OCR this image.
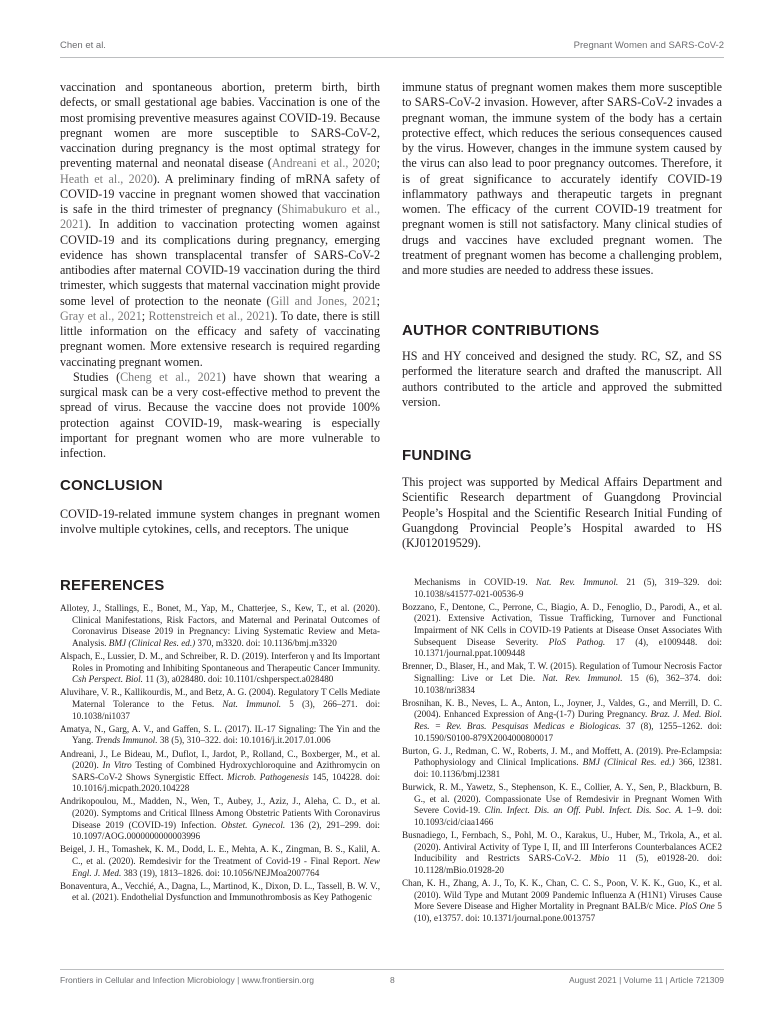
Chen et al.	Pregnant Women and SARS-CoV-2

vaccination and spontaneous abortion, preterm birth, birth defects, or small gestational age babies. Vaccination is one of the most promising preventive measures against COVID-19. Because pregnant women are more susceptible to SARS-CoV-2, vaccination during pregnancy is the most optimal strategy for preventing maternal and neonatal disease (Andreani et al., 2020; Heath et al., 2020). A preliminary finding of mRNA safety of COVID-19 vaccine in pregnant women showed that vaccination is safe in the third trimester of pregnancy (Shimabukuro et al., 2021). In addition to vaccination protecting women against COVID-19 and its complications during pregnancy, emerging evidence has shown transplacental transfer of SARS-CoV-2 antibodies after maternal COVID-19 vaccination during the third trimester, which suggests that maternal vaccination might provide some level of protection to the neonate (Gill and Jones, 2021; Gray et al., 2021; Rottenstreich et al., 2021). To date, there is still little information on the efficacy and safety of vaccinating pregnant women. More extensive research is required regarding vaccinating pregnant women.

Studies (Cheng et al., 2021) have shown that wearing a surgical mask can be a very cost-effective method to prevent the spread of virus. Because the vaccine does not provide 100% protection against COVID-19, mask-wearing is especially important for pregnant women who are more vulnerable to infection.

CONCLUSION

COVID-19-related immune system changes in pregnant women involve multiple cytokines, cells, and receptors. The unique

immune status of pregnant women makes them more susceptible to SARS-CoV-2 invasion. However, after SARS-CoV-2 invades a pregnant woman, the immune system of the body has a certain protective effect, which reduces the serious consequences caused by the virus. However, changes in the immune system caused by the virus can also lead to poor pregnancy outcomes. Therefore, it is of great significance to accurately identify COVID-19 inflammatory pathways and therapeutic targets in pregnant women. The efficacy of the current COVID-19 treatment for pregnant women is still not satisfactory. Many clinical studies of drugs and vaccines have excluded pregnant women. The treatment of pregnant women has become a challenging problem, and more studies are needed to address these issues.

AUTHOR CONTRIBUTIONS

HS and HY conceived and designed the study. RC, SZ, and SS performed the literature search and drafted the manuscript. All authors contributed to the article and approved the submitted version.

FUNDING

This project was supported by Medical Affairs Department and Scientific Research department of Guangdong Provincial People’s Hospital and the Scientific Research Initial Funding of Guangdong Provincial People’s Hospital awarded to HS (KJ012019529).

REFERENCES

Allotey, J., Stallings, E., Bonet, M., Yap, M., Chatterjee, S., Kew, T., et al. (2020). Clinical Manifestations, Risk Factors, and Maternal and Perinatal Outcomes of Coronavirus Disease 2019 in Pregnancy: Living Systematic Review and Meta-Analysis. BMJ (Clinical Res. ed.) 370, m3320. doi: 10.1136/bmj.m3320

Alspach, E., Lussier, D. M., and Schreiber, R. D. (2019). Interferon γ and Its Important Roles in Promoting and Inhibiting Spontaneous and Therapeutic Cancer Immunity. Csh Perspect. Biol. 11 (3), a028480. doi: 10.1101/cshperspect.a028480

Aluvihare, V. R., Kallikourdis, M., and Betz, A. G. (2004). Regulatory T Cells Mediate Maternal Tolerance to the Fetus. Nat. Immunol. 5 (3), 266–271. doi: 10.1038/ni1037

Amatya, N., Garg, A. V., and Gaffen, S. L. (2017). IL-17 Signaling: The Yin and the Yang. Trends Immunol. 38 (5), 310–322. doi: 10.1016/j.it.2017.01.006

Andreani, J., Le Bideau, M., Duflot, I., Jardot, P., Rolland, C., Boxberger, M., et al. (2020). In Vitro Testing of Combined Hydroxychloroquine and Azithromycin on SARS-CoV-2 Shows Synergistic Effect. Microb. Pathogenesis 145, 104228. doi: 10.1016/j.micpath.2020.104228

Andrikopoulou, M., Madden, N., Wen, T., Aubey, J., Aziz, J., Aleha, C. D., et al. (2020). Symptoms and Critical Illness Among Obstetric Patients With Coronavirus Disease 2019 (COVID-19) Infection. Obstet. Gynecol. 136 (2), 291–299. doi: 10.1097/AOG.0000000000003996

Beigel, J. H., Tomashek, K. M., Dodd, L. E., Mehta, A. K., Zingman, B. S., Kalil, A. C., et al. (2020). Remdesivir for the Treatment of Covid-19 - Final Report. New Engl. J. Med. 383 (19), 1813–1826. doi: 10.1056/NEJMoa2007764

Bonaventura, A., Vecchié, A., Dagna, L., Martinod, K., Dixon, D. L., Tassell, B. W. V., et al. (2021). Endothelial Dysfunction and Immunothrombosis as Key Pathogenic

Mechanisms in COVID-19. Nat. Rev. Immunol. 21 (5), 319–329. doi: 10.1038/s41577-021-00536-9

Bozzano, F., Dentone, C., Perrone, C., Biagio, A. D., Fenoglio, D., Parodi, A., et al. (2021). Extensive Activation, Tissue Trafficking, Turnover and Functional Impairment of NK Cells in COVID-19 Patients at Disease Onset Associates With Subsequent Disease Severity. PloS Pathog. 17 (4), e1009448. doi: 10.1371/journal.ppat.1009448

Brenner, D., Blaser, H., and Mak, T. W. (2015). Regulation of Tumour Necrosis Factor Signalling: Live or Let Die. Nat. Rev. Immunol. 15 (6), 362–374. doi: 10.1038/nri3834

Brosnihan, K. B., Neves, L. A., Anton, L., Joyner, J., Valdes, G., and Merrill, D. C. (2004). Enhanced Expression of Ang-(1-7) During Pregnancy. Braz. J. Med. Biol. Res. = Rev. Bras. Pesquisas Medicas e Biologicas. 37 (8), 1255–1262. doi: 10.1590/S0100-879X2004000800017

Burton, G. J., Redman, C. W., Roberts, J. M., and Moffett, A. (2019). Pre-Eclampsia: Pathophysiology and Clinical Implications. BMJ (Clinical Res. ed.) 366, l2381. doi: 10.1136/bmj.l2381

Burwick, R. M., Yawetz, S., Stephenson, K. E., Collier, A. Y., Sen, P., Blackburn, B. G., et al. (2020). Compassionate Use of Remdesivir in Pregnant Women With Severe Covid-19. Clin. Infect. Dis. an Off. Publ. Infect. Dis. Soc. A. 1–9. doi: 10.1093/cid/ciaa1466

Busnadiego, I., Fernbach, S., Pohl, M. O., Karakus, U., Huber, M., Trkola, A., et al. (2020). Antiviral Activity of Type I, II, and III Interferons Counterbalances ACE2 Inducibility and Restricts SARS-CoV-2. Mbio 11 (5), e01928-20. doi: 10.1128/mBio.01928-20

Chan, K. H., Zhang, A. J., To, K. K., Chan, C. C. S., Poon, V. K. K., Guo, K., et al. (2010). Wild Type and Mutant 2009 Pandemic Influenza A (H1N1) Viruses Cause More Severe Disease and Higher Mortality in Pregnant BALB/c Mice. PloS One 5 (10), e13757. doi: 10.1371/journal.pone.0013757

Frontiers in Cellular and Infection Microbiology | www.frontiersin.org	8	August 2021 | Volume 11 | Article 721309
